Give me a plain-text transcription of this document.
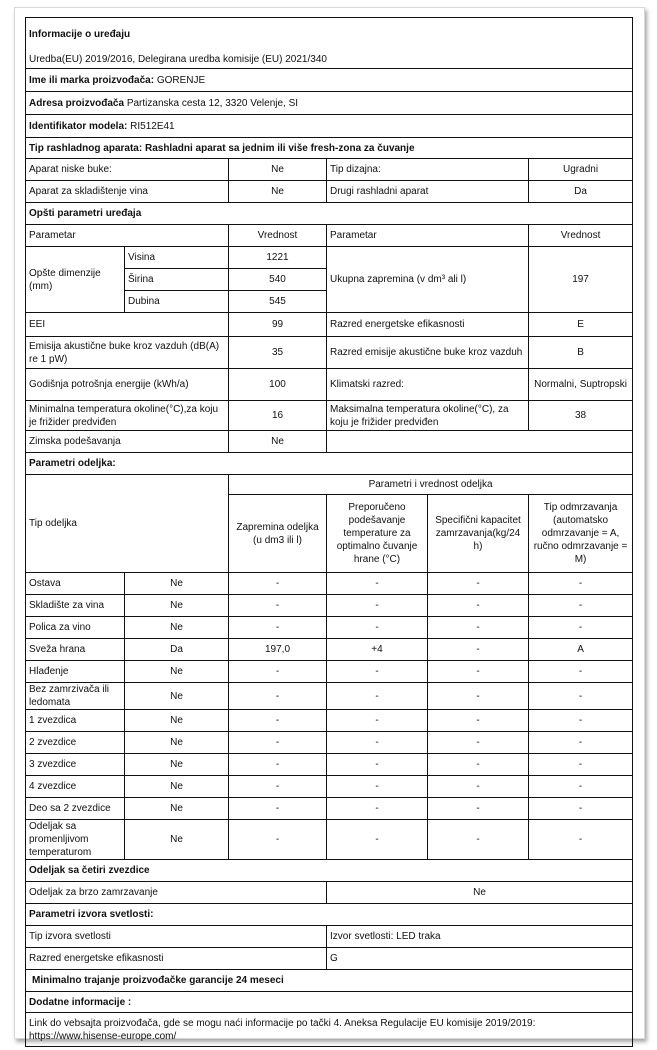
Informacije o uređaju					
Uredba(EU) 2019/2016, Delegirana uredba komisije (EU) 2021/340					
Ime ili marka proizvođača: GORENJE					
Adresa proizvođača Partizanska cesta 12, 3320 Velenje, SI					
Identifikator modela: RI512E41					
Tip rashladnog aparata: Rashladni aparat sa jednim ili više fresh-zona za čuvanje					
Aparat niske buke:		Ne	Tip dizajna:		Ugradni
Aparat za skladištenje vina		Ne	Drugi rashladni aparat		Da
Opšti parametri uređaja					
Parametar		Vrednost	Parametar		Vrednost
Opšte dimenzije (mm)	Visina	1221	Ukupna zapremina (v dm³ ali l)		197
	Širina	540			
	Dubina	545			
EEI		99	Razred energetske efikasnosti		E
Emisija akustične buke kroz vazduh (dB(A) re 1 pW)		35	Razred emisije akustične buke kroz vazduh		B
Godišnja potrošnja energije (kWh/a)		100	Klimatski razred:		Normalni, Suptropski
Minimalna temperatura okoline(°C),za koju je frižider predviđen		16	Maksimalna temperatura okoline(°C), za koju je frižider predviđen		38
Zimska podešavanja		Ne			
Parametri odeljka:					
Tip odeljka		Parametri i vrednost odeljka			
		Zapremina odeljka (u dm3 ili l)	Preporučeno podešavanje temperature za optimalno čuvanje hrane (°C)	Specifični kapacitet zamrzavanja(kg/24 h)	Tip odmrzavanja (automatsko odmrzavanje = A, ručno odmrzavanje = M)
Ostava	Ne	-	-	-	-
Skladište za vina	Ne	-	-	-	-
Polica za vino	Ne	-	-	-	-
Sveža hrana	Da	197,0	+4	-	A
Hlađenje	Ne	-	-	-	-
Bez zamrzivača ili ledomata	Ne	-	-	-	-
1 zvezdica	Ne	-	-	-	-
2 zvezdice	Ne	-	-	-	-
3 zvezdice	Ne	-	-	-	-
4 zvezdice	Ne	-	-	-	-
Deo sa 2 zvezdice	Ne	-	-	-	-
Odeljak sa promenljivom temperaturom	Ne	-	-	-	-
Odeljak sa četiri zvezdice					
Odeljak za brzo zamrzavanje			Ne		
Parametri izvora svetlosti:					
Tip izvora svetlosti			Izvor svetlosti: LED traka		
Razred energetske efikasnosti			G		
Minimalno trajanje proizvođačke garancije 24 meseci					
Dodatne informacije :					

Link do vebsajta proizvođača, gde se mogu naći informacije po tački 4. Aneksa Regulacije EU komisije 2019/2019:
https://www.hisense-europe.com/					
